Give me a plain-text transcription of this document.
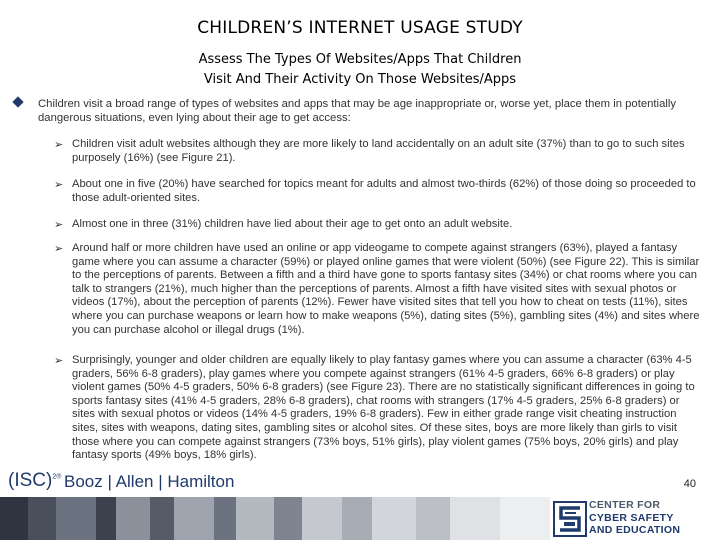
CHILDREN’S INTERNET USAGE STUDY
Assess The Types Of Websites/Apps That Children
Visit And Their Activity On Those Websites/Apps
Children visit a broad range of types of websites and apps that may be age inappropriate or, worse yet, place them in potentially dangerous situations, even lying about their age to get access:
➢ Children visit adult websites although they are more likely to land accidentally on an adult site (37%) than to go to such sites purposely (16%) (see Figure 21).
➢ About one in five (20%) have searched for topics meant for adults and almost two-thirds (62%) of those doing so proceeded to those adult-oriented sites.
➢ Almost one in three (31%) children have lied about their age to get onto an adult website.
➢ Around half or more children have used an online or app videogame to compete against strangers (63%), played a fantasy game where you can assume a character (59%) or played online games that were violent (50%) (see Figure 22). This is similar to the perceptions of parents. Between a fifth and a third have gone to sports fantasy sites (34%) or chat rooms where you can talk to strangers (21%), much higher than the perceptions of parents. Almost a fifth have visited sites with sexual photos or videos (17%), about the perception of parents (12%). Fewer have visited sites that tell you how to cheat on tests (11%), sites where you can purchase weapons or learn how to make weapons (5%), dating sites (5%), gambling sites (4%) and sites where you can purchase alcohol or illegal drugs (1%).
➢ Surprisingly, younger and older children are equally likely to play fantasy games where you can assume a character (63% 4-5 graders, 56% 6-8 graders), play games where you compete against strangers (61% 4-5 graders, 66% 6-8 graders) or play violent games (50% 4-5 graders, 50% 6-8 graders) (see Figure 23). There are no statistically significant differences in going to sports fantasy sites (41% 4-5 graders, 28% 6-8 graders), chat rooms with strangers (17% 4-5 graders, 25% 6-8 graders) or sites with sexual photos or videos (14% 4-5 graders, 19% 6-8 graders). Few in either grade range visit cheating instruction sites, sites with weapons, dating sites, gambling sites or alcohol sites. Of these sites, boys are more likely than girls to visit those where you can compete against strangers (73% boys, 51% girls), play violent games (75% boys, 20% girls) and play fantasy sports (49% boys, 18% girls).
40
(ISC)$^{2®}$ Booz | Allen | Hamilton
CENTER FOR
CYBER SAFETY
AND EDUCATION
